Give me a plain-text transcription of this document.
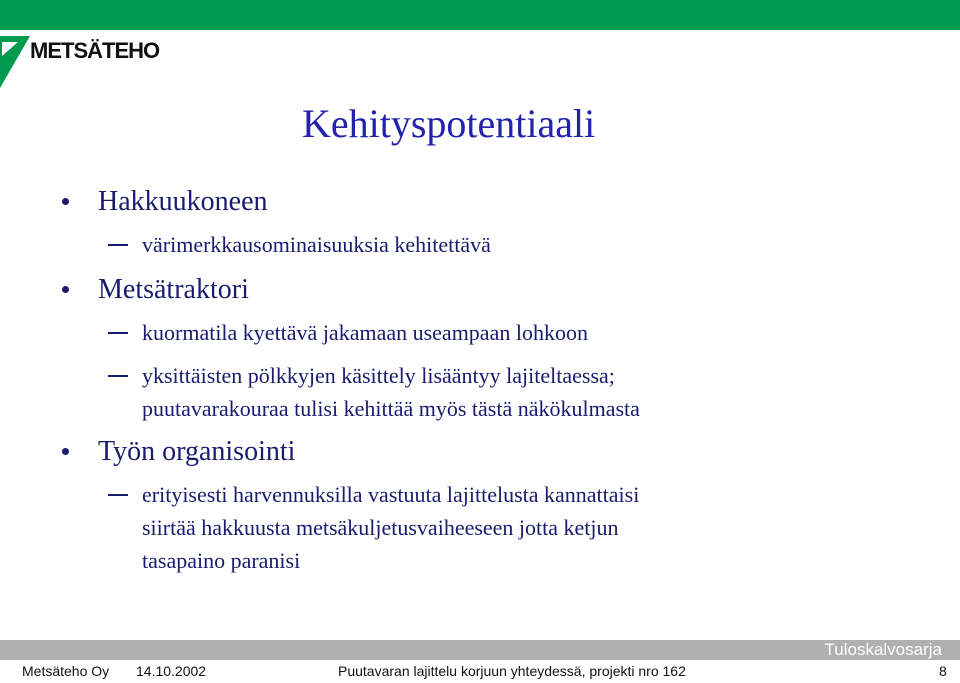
METSÄTEHO
Kehityspotentiaali
Hakkuukoneen
värimerkkausominaisuuksia kehitettävä
Metsätraktori
kuormatila kyettävä jakamaan useampaan lohkoon
yksittäisten pölkkyjen käsittely lisääntyy lajiteltaessa;
puutavarakouraa tulisi kehittää myös tästä näkökulmasta
Työn organisointi
erityisesti harvennuksilla vastuuta lajittelusta kannattaisi
siirtää hakkuusta metsäkuljetusvaiheeseen jotta ketjun
tasapaino paranisi
Tuloskalvosarja
Metsäteho Oy 14.10.2002	Puutavaran lajittelu korjuun yhteydessä, projekti nro 162	8
